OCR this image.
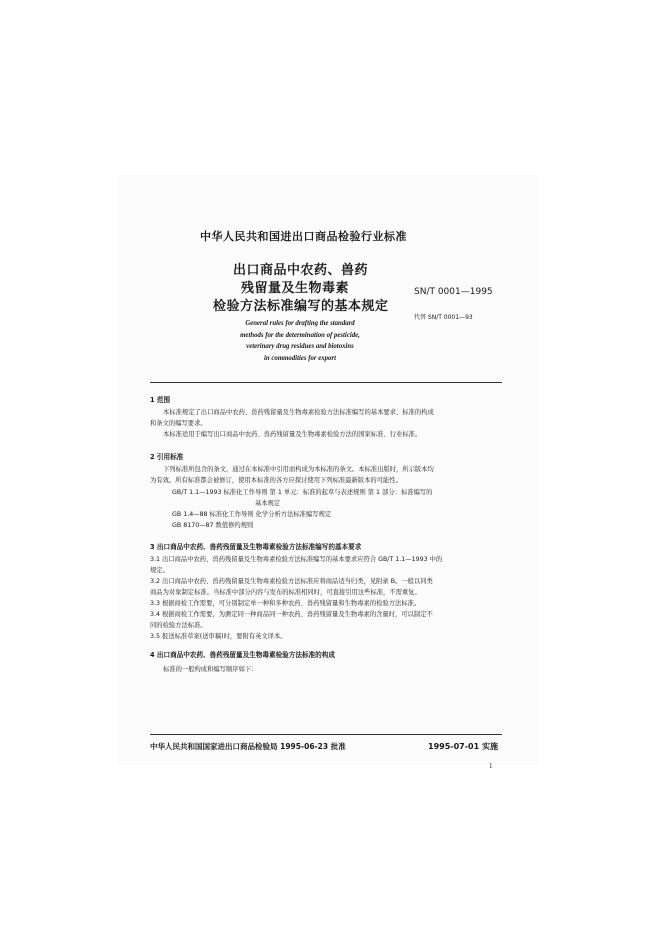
中华人民共和国进出口商品检验行业标准
出口商品中农药、兽药
残留量及生物毒素
检验方法标准编写的基本规定
SN/T 0001—1995
代替 SN/T 0001—93
General rules for drafting the standard
methods for the determination of pesticide,
veterinary drug residues and biotoxins
in commodities for export
1 范围
本标准规定了出口商品中农药、兽药残留量及生物毒素检验方法标准编写的基本要求、标准的构成
和条文的编写要求。
本标准适用于编写出口商品中农药、兽药残留量及生物毒素检验方法的国家标准、行业标准。
2 引用标准
下列标准所包含的条文，通过在本标准中引用而构成为本标准的条文。本标准出版时，所示版本均
为有效。所有标准都会被修订，使用本标准的各方应探讨使用下列标准最新版本的可能性。
GB/T 1.1—1993 标准化工作导则 第 1 单元：标准的起草与表述规则 第 1 部分：标准编写的
基本规定
GB 1.4—88 标准化工作导则 化学分析方法标准编写规定
GB 8170—87 数值修约规则
3 出口商品中农药、兽药残留量及生物毒素检验方法标准编写的基本要求
3.1 出口商品中农药、兽药残留量及生物毒素检验方法标准编写的基本要求应符合 GB/T 1.1—1993 中的
规定。
3.2 出口商品中农药、兽药残留量及生物毒素检验方法标准应将商品适当归类，见附录 B。一般以同类
商品为对象制定标准。当标准中部分内容与发布的标准相同时，可直接引用这些标准，不需重复。
3.3 根据商检工作需要，可分别制定单一种和多种农药、兽药残留量和生物毒素的检验方法标准。
3.4 根据商检工作需要，为测定同一种商品同一种农药、兽药残留量及生物毒素的含量时，可以制定不
同的检验方法标准。
3.5 报送标准草案(送审稿)时，要附有英文译本。
4 出口商品中农药、兽药残留量及生物毒素检验方法标准的构成
标准的一般构成和编写顺序如下：
中华人民共和国国家进出口商品检验局 1995-06-23 批准	1995-07-01 实施
1
